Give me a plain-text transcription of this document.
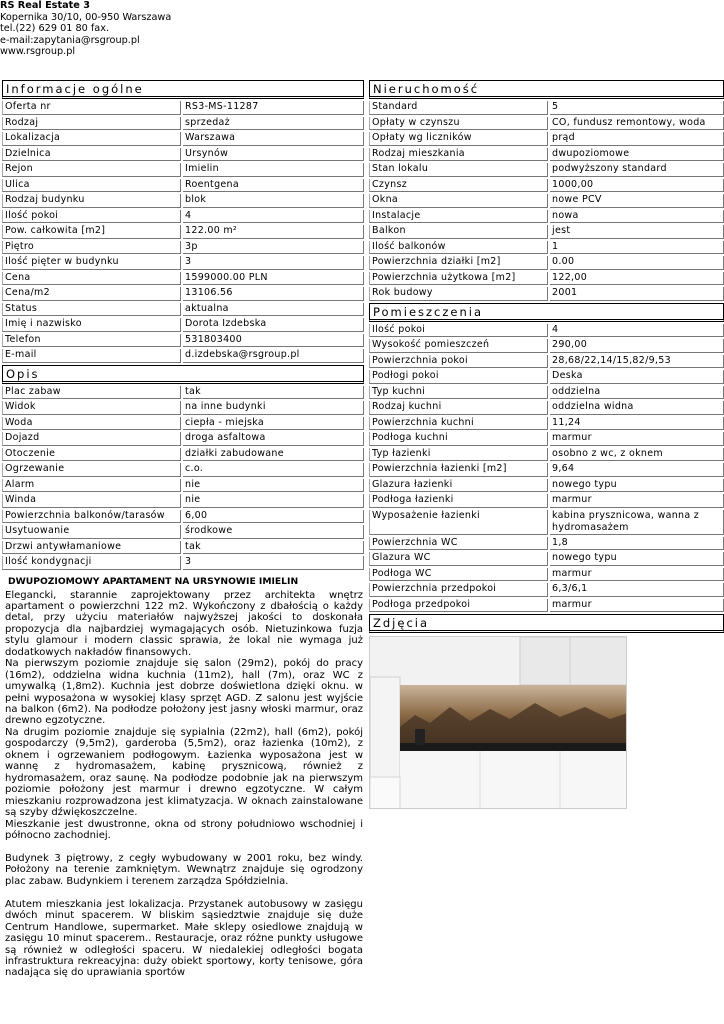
RS Real Estate 3
Kopernika 30/10, 00-950 Warszawa
tel.(22) 629 01 80 fax.
e-mail:zapytania@rsgroup.pl
www.rsgroup.pl
Informacje ogólne
Oferta nr	RS3-MS-11287
Rodzaj	sprzedaż
Lokalizacja	Warszawa
Dzielnica	Ursynów
Rejon	Imielin
Ulica	Roentgena
Rodzaj budynku	blok
Ilość pokoi	4
Pow. całkowita [m2]	122.00 m²
Piętro	3p
Ilość pięter w budynku	3
Cena	1599000.00 PLN
Cena/m2	13106.56
Status	aktualna
Imię i nazwisko	Dorota Izdebska
Telefon	531803400
E-mail	d.izdebska@rsgroup.pl
Opis
Plac zabaw	tak
Widok	na inne budynki
Woda	ciepła - miejska
Dojazd	droga asfaltowa
Otoczenie	działki zabudowane
Ogrzewanie	c.o.
Alarm	nie
Winda	nie
Powierzchnia balkonów/tarasów	6,00
Usytuowanie	środkowe
Drzwi antywłamaniowe	tak
Ilość kondygnacji	3
DWUPOZIOMOWY APARTAMENT NA URSYNOWIE IMIELIN

Elegancki, starannie zaprojektowany przez architekta wnętrz apartament o powierzchni 122 m2. Wykończony z dbałością o każdy detal, przy użyciu materiałów najwyższej jakości to doskonała propozycja dla najbardziej wymagających osób. Nietuzinkowa fuzja stylu glamour i modern classic sprawia, że lokal nie wymaga już dodatkowych nakładów finansowych.

Na pierwszym poziomie znajduje się salon (29m2), pokój do pracy (16m2), oddzielna widna kuchnia (11m2), hall (7m), oraz WC z umywalką (1,8m2). Kuchnia jest dobrze doświetlona dzięki oknu. w pełni wyposażona w wysokiej klasy sprzęt AGD. Z salonu jest wyjście na balkon (6m2). Na podłodze położony jest jasny włoski marmur, oraz drewno egzotyczne.

Na drugim poziomie znajduje się sypialnia (22m2), hall (6m2), pokój gospodarczy (9,5m2), garderoba (5,5m2), oraz łazienka (10m2), z oknem i ogrzewaniem podłogowym. Łazienka wyposażona jest w wannę z hydromasażem, kabinę prysznicową, również z hydromasażem, oraz saunę. Na podłodze podobnie jak na pierwszym poziomie położony jest marmur i drewno egzotyczne. W całym mieszkaniu rozprowadzona jest klimatyzacja. W oknach zainstalowane są szyby dźwiękoszczelne.

Mieszkanie jest dwustronne, okna od strony południowo wschodniej i północno zachodniej.

Budynek 3 piętrowy, z cegły wybudowany w 2001 roku, bez windy. Położony na terenie zamkniętym. Wewnątrz znajduje się ogrodzony plac zabaw. Budynkiem i terenem zarządza Spółdzielnia.

Atutem mieszkania jest lokalizacja. Przystanek autobusowy w zasięgu dwóch minut spacerem. W bliskim sąsiedztwie znajduje się duże Centrum Handlowe, supermarket. Małe sklepy osiedlowe znajdują w zasięgu 10 minut spacerem.. Restauracje, oraz różne punkty usługowe są również w odległości spaceru. W niedalekiej odległości bogata infrastruktura rekreacyjna: duży obiekt sportowy, korty tenisowe, góra nadająca się do uprawiania sportów

Nieruchomość
Standard	5
Opłaty w czynszu	CO, fundusz remontowy, woda
Opłaty wg liczników	prąd
Rodzaj mieszkania	dwupoziomowe
Stan lokalu	podwyższony standard
Czynsz	1000,00
Okna	nowe PCV
Instalacje	nowa
Balkon	jest
Ilość balkonów	1
Powierzchnia działki [m2]	0.00
Powierzchnia użytkowa [m2]	122,00
Rok budowy	2001
Pomieszczenia
Ilość pokoi	4
Wysokość pomieszczeń	290,00
Powierzchnia pokoi	28,68/22,14/15,82/9,53
Podłogi pokoi	Deska
Typ kuchni	oddzielna
Rodzaj kuchni	oddzielna widna
Powierzchnia kuchni	11,24
Podłoga kuchni	marmur
Typ łazienki	osobno z wc, z oknem
Powierzchnia łazienki [m2]	9,64
Glazura łazienki	nowego typu
Podłoga łazienki	marmur
Wyposażenie łazienki	kabina prysznicowa, wanna z hydromasażem
Powierzchnia WC	1,8
Glazura WC	nowego typu
Podłoga WC	marmur
Powierzchnia przedpokoi	6,3/6,1
Podłoga przedpokoi	marmur
Zdjęcia
